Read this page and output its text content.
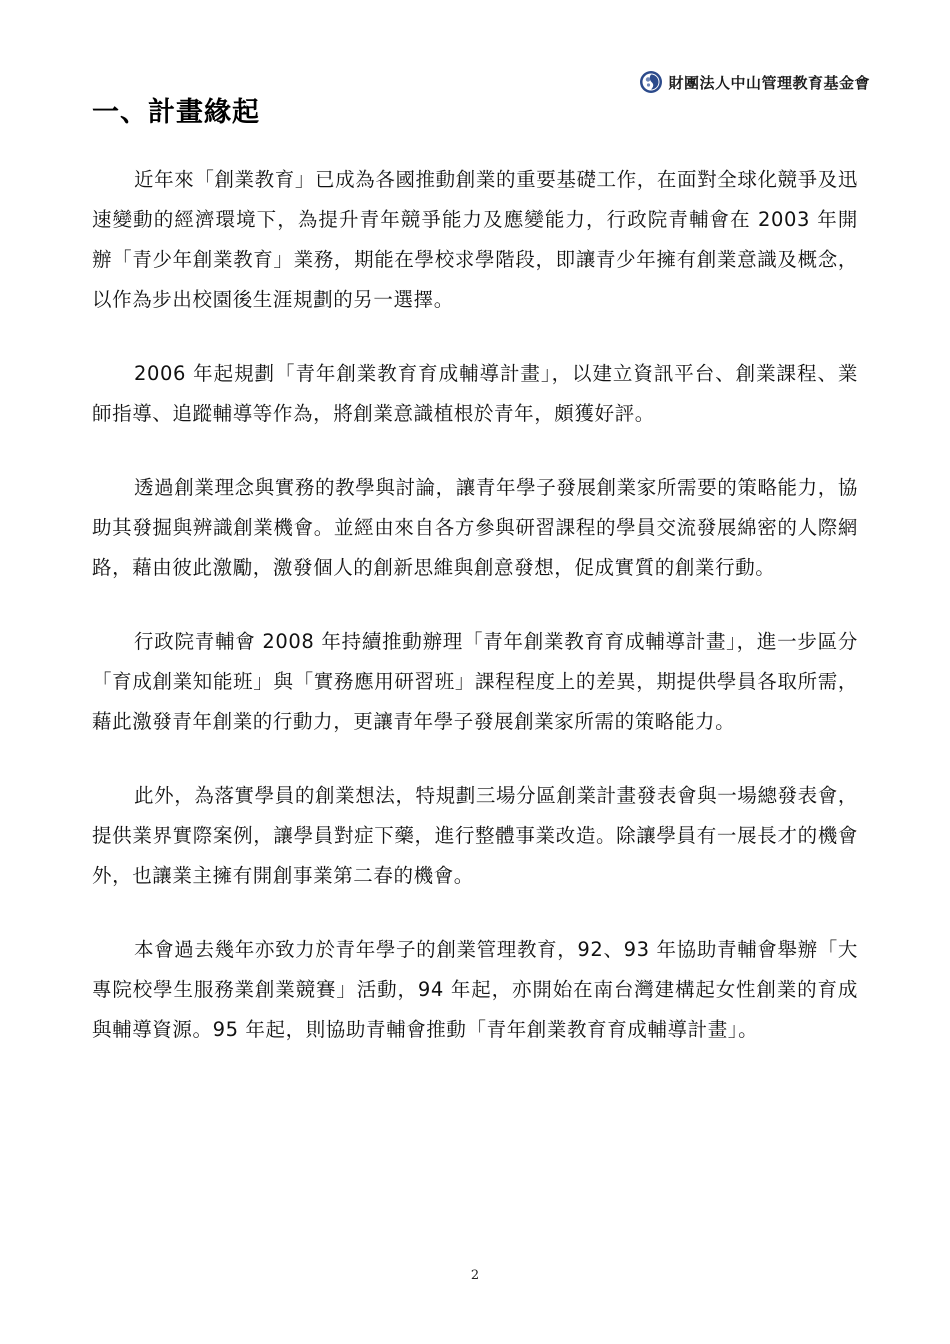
財團法人中山管理教育基金會
一、計畫緣起

近年來「創業教育」已成為各國推動創業的重要基礎工作，在面對全球化競爭及迅速變動的經濟環境下，為提升青年競爭能力及應變能力，行政院青輔會在 2003 年開辦「青少年創業教育」業務，期能在學校求學階段，即讓青少年擁有創業意識及概念，以作為步出校園後生涯規劃的另一選擇。

2006 年起規劃「青年創業教育育成輔導計畫」，以建立資訊平台、創業課程、業師指導、追蹤輔導等作為，將創業意識植根於青年，頗獲好評。

透過創業理念與實務的教學與討論，讓青年學子發展創業家所需要的策略能力，協助其發掘與辨識創業機會。並經由來自各方參與研習課程的學員交流發展綿密的人際網路，藉由彼此激勵，激發個人的創新思維與創意發想，促成實質的創業行動。

行政院青輔會 2008 年持續推動辦理「青年創業教育育成輔導計畫」，進一步區分「育成創業知能班」與「實務應用研習班」課程程度上的差異，期提供學員各取所需，藉此激發青年創業的行動力，更讓青年學子發展創業家所需的策略能力。

此外，為落實學員的創業想法，特規劃三場分區創業計畫發表會與一場總發表會，提供業界實際案例，讓學員對症下藥，進行整體事業改造。除讓學員有一展長才的機會外，也讓業主擁有開創事業第二春的機會。

本會過去幾年亦致力於青年學子的創業管理教育，92、93 年協助青輔會舉辦「大專院校學生服務業創業競賽」活動，94 年起，亦開始在南台灣建構起女性創業的育成與輔導資源。95 年起，則協助青輔會推動「青年創業教育育成輔導計畫」。

2
